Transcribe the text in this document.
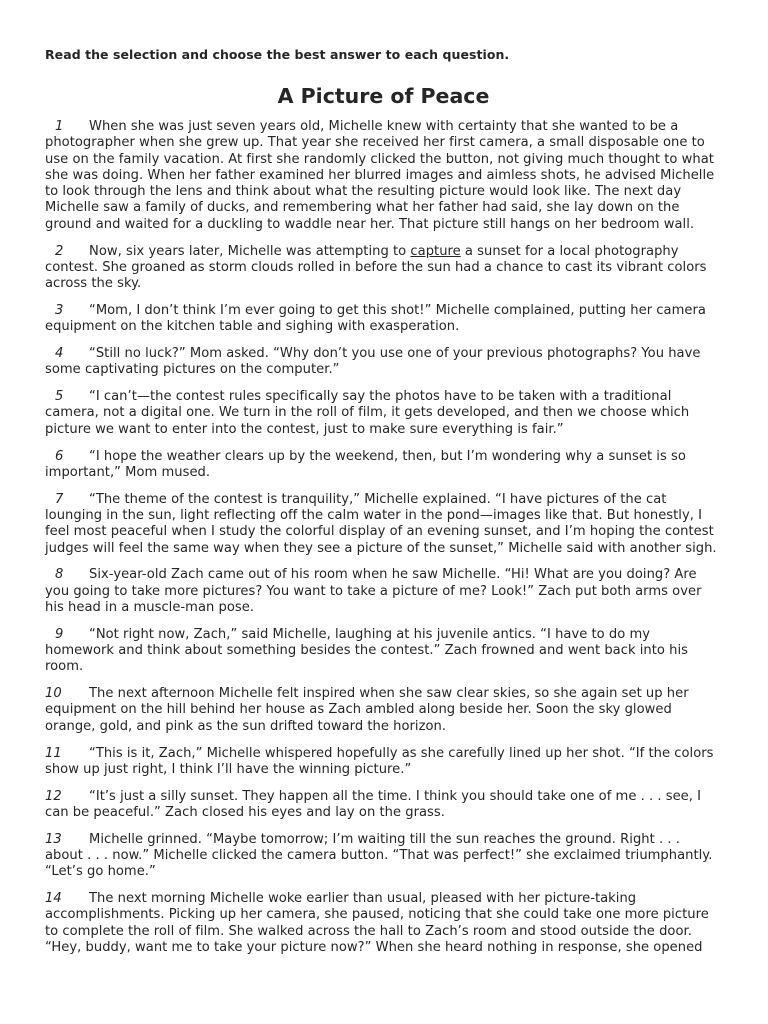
Read the selection and choose the best answer to each question.

A Picture of Peace

1 When she was just seven years old, Michelle knew with certainty that she wanted to be a photographer when she grew up. That year she received her first camera, a small disposable one to use on the family vacation. At first she randomly clicked the button, not giving much thought to what she was doing. When her father examined her blurred images and aimless shots, he advised Michelle to look through the lens and think about what the resulting picture would look like. The next day Michelle saw a family of ducks, and remembering what her father had said, she lay down on the ground and waited for a duckling to waddle near her. That picture still hangs on her bedroom wall.

2 Now, six years later, Michelle was attempting to capture a sunset for a local photography contest. She groaned as storm clouds rolled in before the sun had a chance to cast its vibrant colors across the sky.

3 “Mom, I don’t think I’m ever going to get this shot!” Michelle complained, putting her camera equipment on the kitchen table and sighing with exasperation.

4 “Still no luck?” Mom asked. “Why don’t you use one of your previous photographs? You have some captivating pictures on the computer.”

5 “I can’t—the contest rules specifically say the photos have to be taken with a traditional camera, not a digital one. We turn in the roll of film, it gets developed, and then we choose which picture we want to enter into the contest, just to make sure everything is fair.”

6 “I hope the weather clears up by the weekend, then, but I’m wondering why a sunset is so important,” Mom mused.

7 “The theme of the contest is tranquility,” Michelle explained. “I have pictures of the cat lounging in the sun, light reflecting off the calm water in the pond—images like that. But honestly, I feel most peaceful when I study the colorful display of an evening sunset, and I’m hoping the contest judges will feel the same way when they see a picture of the sunset,” Michelle said with another sigh.

8 Six-year-old Zach came out of his room when he saw Michelle. “Hi! What are you doing? Are you going to take more pictures? You want to take a picture of me? Look!” Zach put both arms over his head in a muscle-man pose.

9 “Not right now, Zach,” said Michelle, laughing at his juvenile antics. “I have to do my homework and think about something besides the contest.” Zach frowned and went back into his room.

10 The next afternoon Michelle felt inspired when she saw clear skies, so she again set up her equipment on the hill behind her house as Zach ambled along beside her. Soon the sky glowed orange, gold, and pink as the sun drifted toward the horizon.

11 “This is it, Zach,” Michelle whispered hopefully as she carefully lined up her shot. “If the colors show up just right, I think I’ll have the winning picture.”

12 “It’s just a silly sunset. They happen all the time. I think you should take one of me . . . see, I can be peaceful.” Zach closed his eyes and lay on the grass.

13 Michelle grinned. “Maybe tomorrow; I’m waiting till the sun reaches the ground. Right . . . about . . . now.” Michelle clicked the camera button. “That was perfect!” she exclaimed triumphantly. “Let’s go home.”

14 The next morning Michelle woke earlier than usual, pleased with her picture-taking accomplishments. Picking up her camera, she paused, noticing that she could take one more picture to complete the roll of film. She walked across the hall to Zach’s room and stood outside the door. “Hey, buddy, want me to take your picture now?” When she heard nothing in response, she opened
